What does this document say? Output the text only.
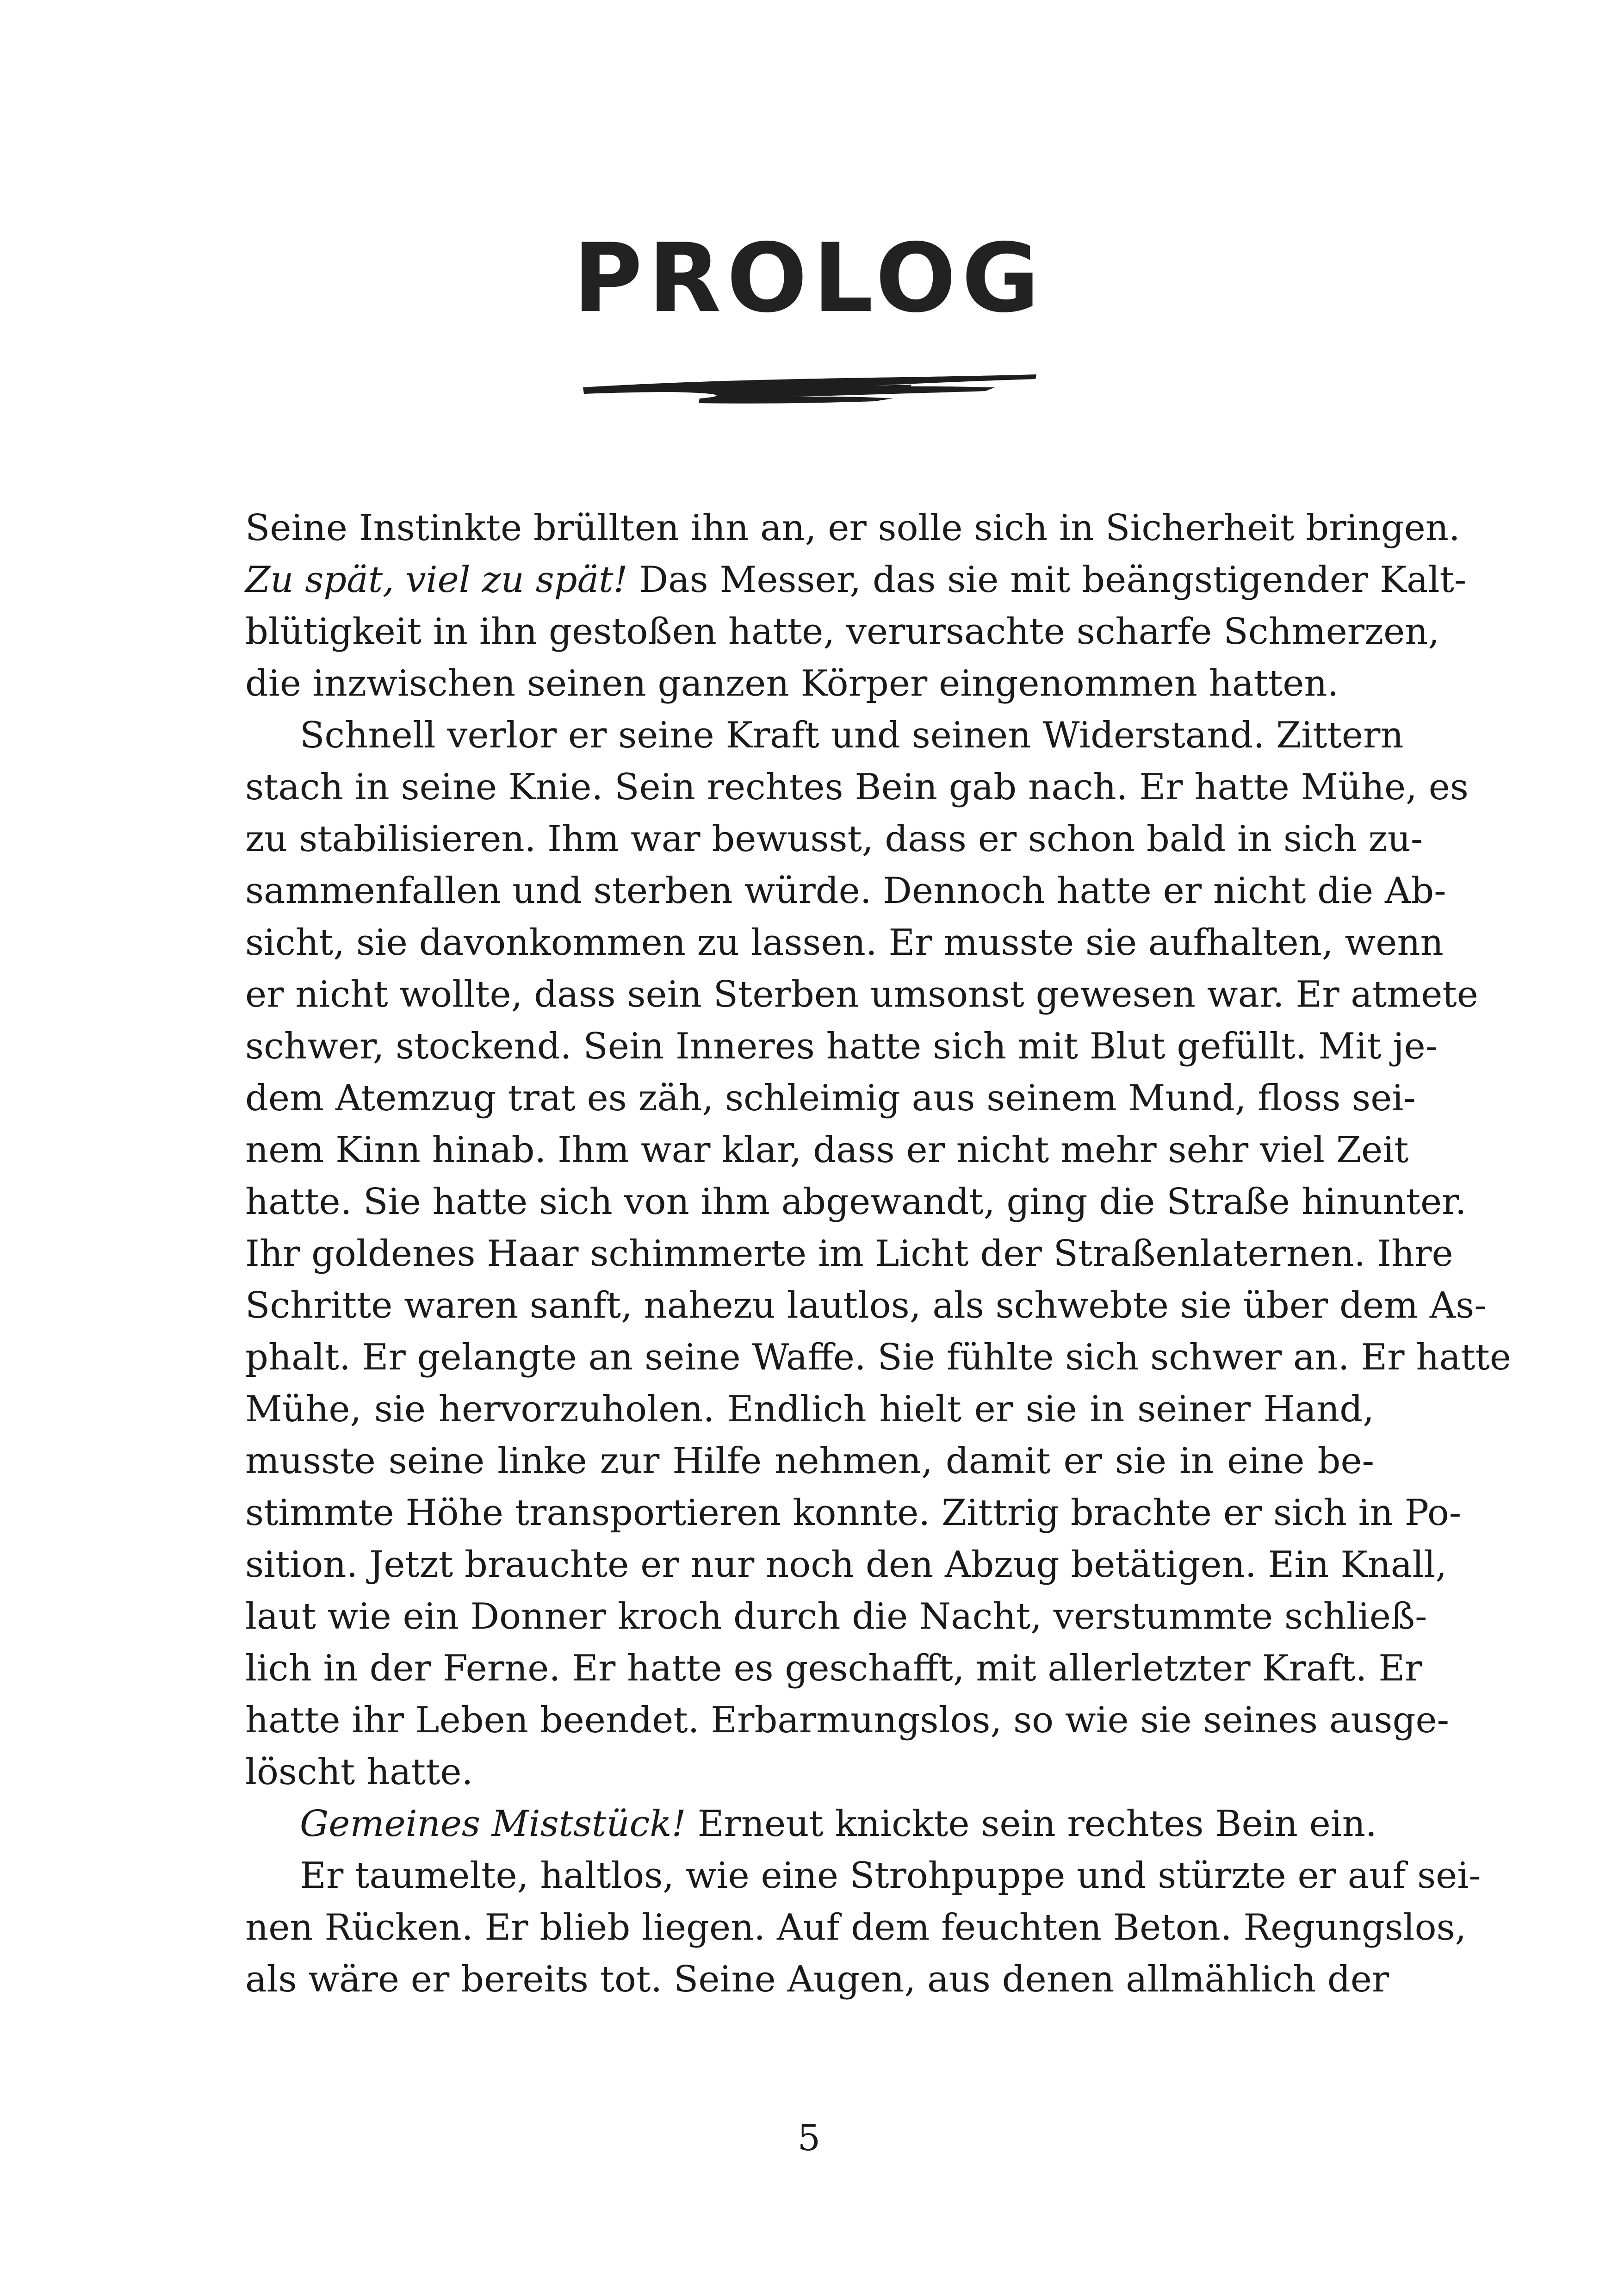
PROLOG
Seine Instinkte brüllten ihn an, er solle sich in Sicherheit bringen.
Zu spät, viel zu spät! Das Messer, das sie mit beängstigender Kalt-
blütigkeit in ihn gestoßen hatte, verursachte scharfe Schmerzen,
die inzwischen seinen ganzen Körper eingenommen hatten.
Schnell verlor er seine Kraft und seinen Widerstand. Zittern
stach in seine Knie. Sein rechtes Bein gab nach. Er hatte Mühe, es
zu stabilisieren. Ihm war bewusst, dass er schon bald in sich zu-
sammenfallen und sterben würde. Dennoch hatte er nicht die Ab-
sicht, sie davonkommen zu lassen. Er musste sie aufhalten, wenn
er nicht wollte, dass sein Sterben umsonst gewesen war. Er atmete
schwer, stockend. Sein Inneres hatte sich mit Blut gefüllt. Mit je-
dem Atemzug trat es zäh, schleimig aus seinem Mund, floss sei-
nem Kinn hinab. Ihm war klar, dass er nicht mehr sehr viel Zeit
hatte. Sie hatte sich von ihm abgewandt, ging die Straße hinunter.
Ihr goldenes Haar schimmerte im Licht der Straßenlaternen. Ihre
Schritte waren sanft, nahezu lautlos, als schwebte sie über dem As-
phalt. Er gelangte an seine Waffe. Sie fühlte sich schwer an. Er hatte
Mühe, sie hervorzuholen. Endlich hielt er sie in seiner Hand,
musste seine linke zur Hilfe nehmen, damit er sie in eine be-
stimmte Höhe transportieren konnte. Zittrig brachte er sich in Po-
sition. Jetzt brauchte er nur noch den Abzug betätigen. Ein Knall,
laut wie ein Donner kroch durch die Nacht, verstummte schließ-
lich in der Ferne. Er hatte es geschafft, mit allerletzter Kraft. Er
hatte ihr Leben beendet. Erbarmungslos, so wie sie seines ausge-
löscht hatte.
Gemeines Miststück! Erneut knickte sein rechtes Bein ein.
Er taumelte, haltlos, wie eine Strohpuppe und stürzte er auf sei-
nen Rücken. Er blieb liegen. Auf dem feuchten Beton. Regungslos,
als wäre er bereits tot. Seine Augen, aus denen allmählich der
5
